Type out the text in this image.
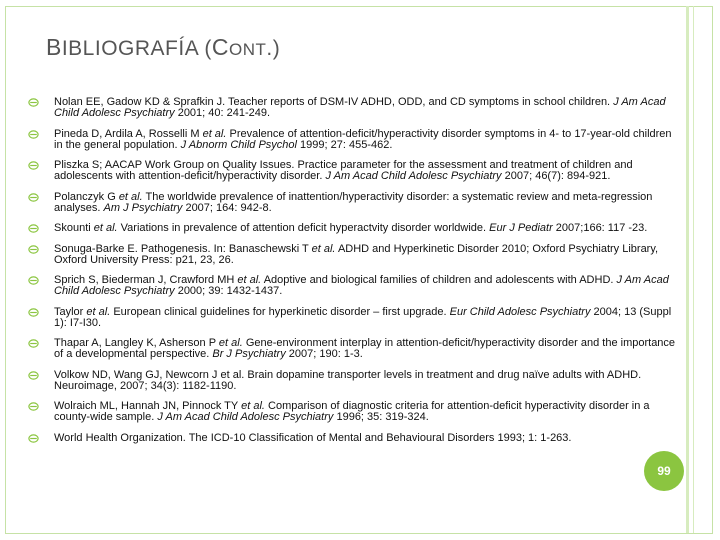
BIBLIOGRAFÍA (CONT.)
Nolan EE, Gadow KD & Sprafkin J. Teacher reports of DSM-IV ADHD, ODD, and CD symptoms in school children. J Am Acad Child Adolesc Psychiatry 2001; 40: 241-249.
Pineda D, Ardila A, Rosselli M et al. Prevalence of attention-deficit/hyperactivity disorder symptoms in 4- to 17-year-old children in the general population. J Abnorm Child Psychol 1999; 27: 455-462.
Pliszka S; AACAP Work Group on Quality Issues. Practice parameter for the assessment and treatment of children and adolescents with attention-deficit/hyperactivity disorder. J Am Acad Child Adolesc Psychiatry 2007; 46(7): 894-921.
Polanczyk G et al. The worldwide prevalence of inattention/hyperactivity disorder: a systematic review and meta-regression analyses. Am J Psychiatry 2007; 164: 942-8.
Skounti et al. Variations in prevalence of attention deficit hyperactvity disorder worldwide. Eur J Pediatr 2007;166: 117 -23.
Sonuga-Barke E. Pathogenesis. In: Banaschewski T et al. ADHD and Hyperkinetic Disorder 2010; Oxford Psychiatry Library, Oxford University Press: p21, 23, 26.
Sprich S, Biederman J, Crawford MH et al. Adoptive and biological families of children and adolescents with ADHD. J Am Acad Child Adolesc Psychiatry 2000; 39: 1432-1437.
Taylor et al. European clinical guidelines for hyperkinetic disorder – first upgrade. Eur Child Adolesc Psychiatry 2004; 13 (Suppl 1): I7-I30.
Thapar A, Langley K, Asherson P et al. Gene-environment interplay in attention-deficit/hyperactivity disorder and the importance of a developmental perspective. Br J Psychiatry 2007; 190: 1-3.
Volkow ND, Wang GJ, Newcorn J et al. Brain dopamine transporter levels in treatment and drug naïve adults with ADHD. Neuroimage, 2007; 34(3): 1182-1190.
Wolraich ML, Hannah JN, Pinnock TY et al. Comparison of diagnostic criteria for attention-deficit hyperactivity disorder in a county-wide sample. J Am Acad Child Adolesc Psychiatry 1996; 35: 319-324.
World Health Organization. The ICD-10 Classification of Mental and Behavioural Disorders 1993; 1: 1-263.
99
